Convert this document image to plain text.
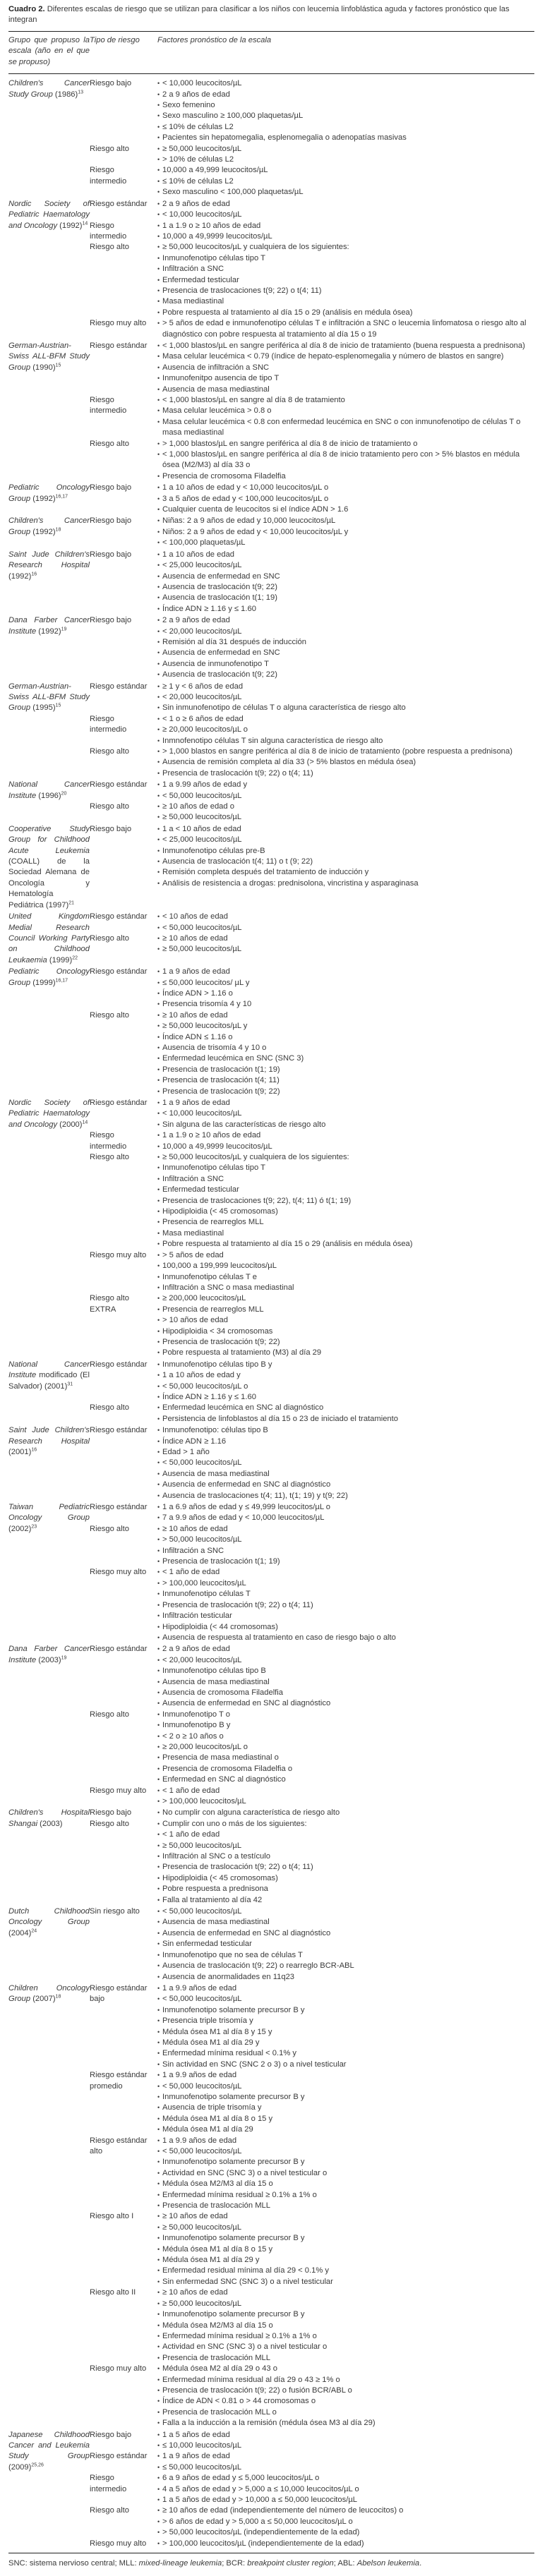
Cuadro 2. Diferentes escalas de riesgo que se utilizan para clasificar a los niños con leucemia linfoblástica aguda y factores pronóstico que las integran
Grupo que propuso la escala (año en el que se propuso)
Tipo de riesgo	Factores pronóstico de la escala
Children's Cancer Study Group $(1986)^{13}$
Riesgo bajo	• < 10,000 leucocitos/µL
• 2 a 9 años de edad
• Sexo femenino
• Sexo masculino ≥ 100,000 plaquetas/µL
• ≤ 10% de células L2
• Pacientes sin hepatomegalia, esplenomegalia o adenopatías masivas
Riesgo alto	• ≥ 50,000 leucocitos/µL
• > 10% de células L2
Riesgo intermedio
• 10,000 a 49,999 leucocitos/µL
• ≤ 10% de células L2
• Sexo masculino < 100,000 plaquetas/µL
Nordic Society of Pediatric Haematology and Oncology $(1992)^{14}$
Riesgo estándar	• 2 a 9 años de edad
• < 10,000 leucocitos/µL
Riesgo intermedio
• 1 a 1.9 o ≥ 10 años de edad
• 10,000 a 49,9999 leucocitos/µL
Riesgo alto	• ≥ 50,000 leucocitos/µL y cualquiera de los siguientes:
• Inmunofenotipo células tipo T
• Infiltración a SNC
• Enfermedad testicular
• Presencia de traslocaciones t(9; 22) o t(4; 11)
• Masa mediastinal
• Pobre respuesta al tratamiento al día 15 o 29 (análisis en médula ósea)
Riesgo muy alto	• > 5 años de edad e inmunofenotipo células T e infiltración a SNC o leucemia linfomatosa o riesgo alto al diagnóstico con pobre respuesta al tratamiento al día 15 o 19
German-Austrian-Swiss ALL-BFM Study Group $(1990)^{15}$
Riesgo estándar	• < 1,000 blastos/µL en sangre periférica al día 8 de inicio de tratamiento (buena respuesta a prednisona)
• Masa celular leucémica < 0.79 (índice de hepato-esplenomegalia y número de blastos en sangre)
• Ausencia de infiltración a SNC
• Inmunofenitpo ausencia de tipo T
• Ausencia de masa mediastinal
Riesgo intermedio
• < 1,000 blastos/µL en sangre al día 8 de tratamiento
• Masa celular leucémica > 0.8 o
• Masa celular leucémica < 0.8 con enfermedad leucémica en SNC o con inmunofenotipo de células T o masa mediastinal
Riesgo alto	• > 1,000 blastos/µL en sangre periférica al día 8 de inicio de tratamiento o
• < 1,000 blastos/µL en sangre periférica al día 8 de inicio tratamiento pero con > 5% blastos en médula ósea (M2/M3) al día 33 o
• Presencia de cromosoma Filadelfia
Pediatric Oncology Group $(1992)^{16,17}$
Riesgo bajo	• 1 a 10 años de edad y < 10,000 leucocitos/µL o
• 3 a 5 años de edad y < 100,000 leucocitos/µL o
• Cualquier cuenta de leucocitos si el índice ADN > 1.6
Children's Cancer Group $(1992)^{18}$
Riesgo bajo	• Niñas: 2 a 9 años de edad y 10,000 leucocitos/µL
• Niños: 2 a 9 años de edad y < 10,000 leucocitos/µL y
• < 100,000 plaquetas/µL
Saint Jude Children's Research Hospital $(1992)^{16}$
Riesgo bajo	• 1 a 10 años de edad
• < 25,000 leucocitos/µL
• Ausencia de enfermedad en SNC
• Ausencia de traslocación t(9; 22)
• Ausencia de traslocación t(1; 19)
• Índice ADN ≥ 1.16 y ≤ 1.60
Dana Farber Cancer Institute $(1992)^{19}$
Riesgo bajo	• 2 a 9 años de edad
• < 20,000 leucocitos/µL
• Remisión al día 31 después de inducción
• Ausencia de enfermedad en SNC
• Ausencia de inmunofenotipo T
• Ausencia de traslocación t(9; 22)
German-Austrian-Swiss ALL-BFM Study Group $(1995)^{15}$
Riesgo estándar	• ≥ 1 y < 6 años de edad
• < 20,000 leucocitos/µL
• Sin inmunofenotipo de células T o alguna característica de riesgo alto
Riesgo intermedio
• < 1 o ≥ 6 años de edad
• ≥ 20,000 leucocitos/µL o
• Inmnofenotipo células T sin alguna característica de riesgo alto
Riesgo alto	• > 1,000 blastos en sangre periférica al día 8 de inicio de tratamiento (pobre respuesta a prednisona)
• Ausencia de remisión completa al día 33 (> 5% blastos en médula ósea)
• Presencia de traslocación t(9; 22) o t(4; 11)
National Cancer Institute $(1996)^{20}$
Riesgo estándar	• 1 a 9.99 años de edad y
• < 50,000 leucocitos/µL
Riesgo alto	• ≥ 10 años de edad o
• ≥ 50,000 leucocitos/µL
Cooperative Study Group for Childhood Acute Leukemia (COALL) de la Sociedad Alemana de Oncología y Hematología Pediátrica $(1997)^{21}$
Riesgo bajo	• 1 a < 10 años de edad
• < 25,000 leucocitos/µL
• Inmunofenotipo células pre-B
• Ausencia de traslocación t(4; 11) o t (9; 22)
• Remisión completa después del tratamiento de inducción y
• Análisis de resistencia a drogas: prednisolona, vincristina y asparaginasa
United Kingdom Medial Research Council Working Party on Childhood Leukaemia $(1999)^{22}$
Riesgo estándar	• < 10 años de edad
• < 50,000 leucocitos/µL
Riesgo alto	• ≥ 10 años de edad
• ≥ 50,000 leucocitos/µL
Pediatric Oncology Group $(1999)^{16,17}$
Riesgo estándar	• 1 a 9 años de edad
• ≤ 50,000 leucocitos/ µL y
• Índice ADN > 1.16 o
• Presencia trisomía 4 y 10
Riesgo alto	• ≥ 10 años de edad
• ≥ 50,000 leucocitos/µL y
• Índice ADN ≤ 1.16 o
• Ausencia de trisomía 4 y 10 o
• Enfermedad leucémica en SNC (SNC 3)
• Presencia de traslocación t(1; 19)
• Presencia de traslocación t(4; 11)
• Presencia de traslocación t(9; 22)
Nordic Society of Pediatric Haematology and Oncology $(2000)^{14}$
Riesgo estándar	• 1 a 9 años de edad
• < 10,000 leucocitos/µL
• Sin alguna de las características de riesgo alto
Riesgo intermedio
• 1 a 1.9 o ≥ 10 años de edad
• 10,000 a 49,9999 leucocitos/µL
Riesgo alto	• ≥ 50,000 leucocitos/µL y cualquiera de los siguientes:
• Inmunofenotipo células tipo T
• Infiltración a SNC
• Enfermedad testicular
• Presencia de traslocaciones t(9; 22), t(4; 11) ó t(1; 19)
• Hipodiploidia (< 45 cromosomas)
• Presencia de rearreglos MLL
• Masa mediastinal
• Pobre respuesta al tratamiento al día 15 o 29 (análisis en médula ósea)
Riesgo muy alto	• > 5 años de edad
• 100,000 a 199,999 leucocitos/µL
• Inmunofenotipo células T e
• Infiltración a SNC o masa mediastinal
Riesgo alto EXTRA
• ≥ 200,000 leucocitos/µL
• Presencia de rearreglos MLL
• > 10 años de edad
• Hipodiploidia < 34 cromosomas
• Presencia de traslocación t(9; 22)
• Pobre respuesta al tratamiento (M3) al día 29
National Cancer Institute modificado (El Salvador) $(2001)^{31}$
Riesgo estándar	• Inmunofenotipo células tipo B y
• 1 a 10 años de edad y
• < 50,000 leucocitos/µL o
• Índice ADN ≥ 1.16 y ≤ 1.60
Riesgo alto	• Enfermedad leucémica en SNC al diagnóstico
• Persistencia de linfoblastos al día 15 o 23 de iniciado el tratamiento
Saint Jude Children's Research Hospital $(2001)^{16}$
Riesgo estándar	• Inmunofenotipo: células tipo B
• Índice ADN ≥ 1.16
• Edad > 1 año
• < 50,000 leucocitos/µL
• Ausencia de masa mediastinal
• Ausencia de enfermedad en SNC al diagnóstico
• Ausencia de traslocaciones t(4; 11), t(1; 19) y t(9; 22)
Taiwan Pediatric Oncology Group $(2002)^{23}$
Riesgo estándar	• 1 a 6.9 años de edad y ≤ 49,999 leucocitos/µL o
• 7 a 9.9 años de edad y < 10,000 leucocitos/µL
Riesgo alto	• ≥ 10 años de edad
• > 50,000 leucocitos/µL
• Infiltración a SNC
• Presencia de traslocación t(1; 19)
Riesgo muy alto	• < 1 año de edad
• > 100,000 leucocitos/µL
• Inmunofenotipo células T
• Presencia de traslocación t(9; 22) o t(4; 11)
• Infiltración testicular
• Hipodiploidia (< 44 cromosomas)
• Ausencia de respuesta al tratamiento en caso de riesgo bajo o alto
Dana Farber Cancer Institute $(2003)^{19}$
Riesgo estándar	• 2 a 9 años de edad
• < 20,000 leucocitos/µL
• Inmunofenotipo células tipo B
• Ausencia de masa mediastinal
• Ausencia de cromosoma Filadelfia
• Ausencia de enfermedad en SNC al diagnóstico
Riesgo alto	• Inmunofenotipo T o
• Inmunofenotipo B y
• < 2 o ≥ 10 años o
• ≥ 20,000 leucocitos/µL o
• Presencia de masa mediastinal o
• Presencia de cromosoma Filadelfia o
• Enfermedad en SNC al diagnóstico
Riesgo muy alto	• < 1 año de edad
• > 100,000 leucocitos/µL
Children's Hospital Shangai (2003)
Riesgo bajo	• No cumplir con alguna característica de riesgo alto
Riesgo alto	• Cumplir con uno o más de los siguientes:
• < 1 año de edad
• ≥ 50,000 leucocitos/µL
• Infiltración al SNC o a testículo
• Presencia de traslocación t(9; 22) o t(4; 11)
• Hipodiploidia (< 45 cromosomas)
• Pobre respuesta a prednisona
• Falla al tratamiento al día 42
Dutch Childhood Oncology Group $(2004)^{24}$
Sin riesgo alto	• < 50,000 leucocitos/µL
• Ausencia de masa mediastinal
• Ausencia de enfermedad en SNC al diagnóstico
• Sin enfermedad testicular
• Inmunofenotipo que no sea de células T
• Ausencia de traslocación t(9; 22) o rearreglo BCR-ABL
• Ausencia de anormalidades en 11q23
Children Oncology Group $(2007)^{18}$
Riesgo estándar bajo
• 1 a 9.9 años de edad
• < 50,000 leucocitos/µL
• Inmunofenotipo solamente precursor B y
• Presencia triple trisomía y
• Médula ósea M1 al día 8 y 15 y
• Médula ósea M1 al día 29 y
• Enfermedad mínima residual < 0.1% y
• Sin actividad en SNC (SNC 2 o 3) o a nivel testicular
Riesgo estándar promedio
• 1 a 9.9 años de edad
• < 50,000 leucocitos/µL
• Inmunofenotipo solamente precursor B y
• Ausencia de triple trisomía y
• Médula ósea M1 al día 8 o 15 y
• Médula ósea M1 al día 29
Riesgo estándar alto
• 1 a 9.9 años de edad
• < 50,000 leucocitos/µL
• Inmunofenotipo solamente precursor B y
• Actividad en SNC (SNC 3) o a nivel testicular o
• Médula ósea M2/M3 al día 15 o
• Enfermedad mínima residual ≥ 0.1% a 1% o
• Presencia de traslocación MLL
Riesgo alto I	• ≥ 10 años de edad
• ≥ 50,000 leucocitos/µL
• Inmunofenotipo solamente precursor B y
• Médula ósea M1 al día 8 o 15 y
• Médula ósea M1 al día 29 y
• Enfermedad residual mínima al día 29 < 0.1% y
• Sin enfermedad SNC (SNC 3) o a nivel testicular
Riesgo alto II	• ≥ 10 años de edad
• ≥ 50,000 leucocitos/µL
• Inmunofenotipo solamente precursor B y
• Médula ósea M2/M3 al día 15 o
• Enfermedad mínima residual ≥ 0.1% a 1% o
• Actividad en SNC (SNC 3) o a nivel testicular o
• Presencia de traslocación MLL
Riesgo muy alto	• Médula ósea M2 al día 29 o 43 o
• Enfermedad mínima residual al día 29 o 43 ≥ 1% o
• Presencia de traslocación t(9; 22) o fusión BCR/ABL o
• Índice de ADN < 0.81 o > 44 cromosomas o
• Presencia de traslocación MLL o
• Falla a la inducción a la remisión (médula ósea M3 al día 29)
Japanese Childhood Cancer and Leukemia Study Group $(2009)^{25,26}$
Riesgo bajo	• 1 a 5 años de edad
• ≤ 10,000 leucocitos/µL
Riesgo estándar	• 1 a 9 años de edad
• ≤ 50,000 leucocitos/µL
Riesgo intermedio
• 6 a 9 años de edad y ≤ 5,000 leucocitos/µL o
• 4 a 5 años de edad y > 5,000 a ≤ 10,000 leucocitos/µL o
• 1 a 5 años de edad y > 10,000 a ≤ 50,000 leucocitos/µL
Riesgo alto	• ≥ 10 años de edad (independientemente del número de leucocitos) o
• > 6 años de edad y > 5,000 a ≤ 50,000 leucocitos/µL o
• > 50,000 leucocitos/µL (independientemente de la edad)
Riesgo muy alto	• > 100,000 leucocitos/µL (independientemente de la edad)
SNC: sistema nervioso central; MLL: mixed-lineage leukemia; BCR: breakpoint cluster region; ABL: Abelson leukemia.
